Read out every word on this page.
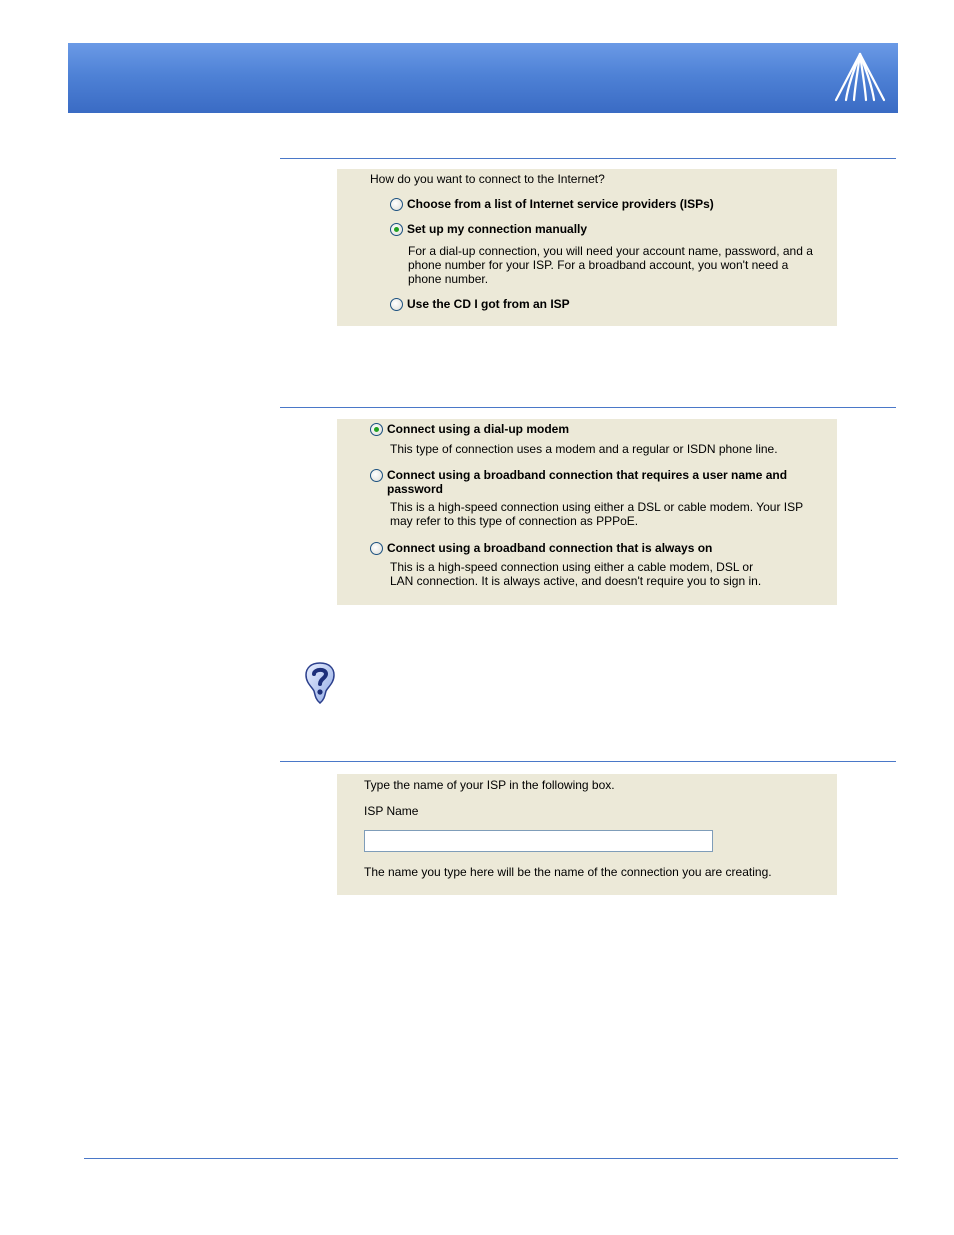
How do you want to connect to the Internet?
Choose from a list of Internet service providers (ISPs)
Set up my connection manually
For a dial-up connection, you will need your account name, password, and a phone number for your ISP. For a broadband account, you won't need a phone number.
Use the CD I got from an ISP
Connect using a dial-up modem
This type of connection uses a modem and a regular or ISDN phone line.
Connect using a broadband connection that requires a user name and password
This is a high-speed connection using either a DSL or cable modem. Your ISP may refer to this type of connection as PPPoE.
Connect using a broadband connection that is always on
This is a high-speed connection using either a cable modem, DSL or LAN connection. It is always active, and doesn't require you to sign in.
Type the name of your ISP in the following box.
ISP Name
The name you type here will be the name of the connection you are creating.
